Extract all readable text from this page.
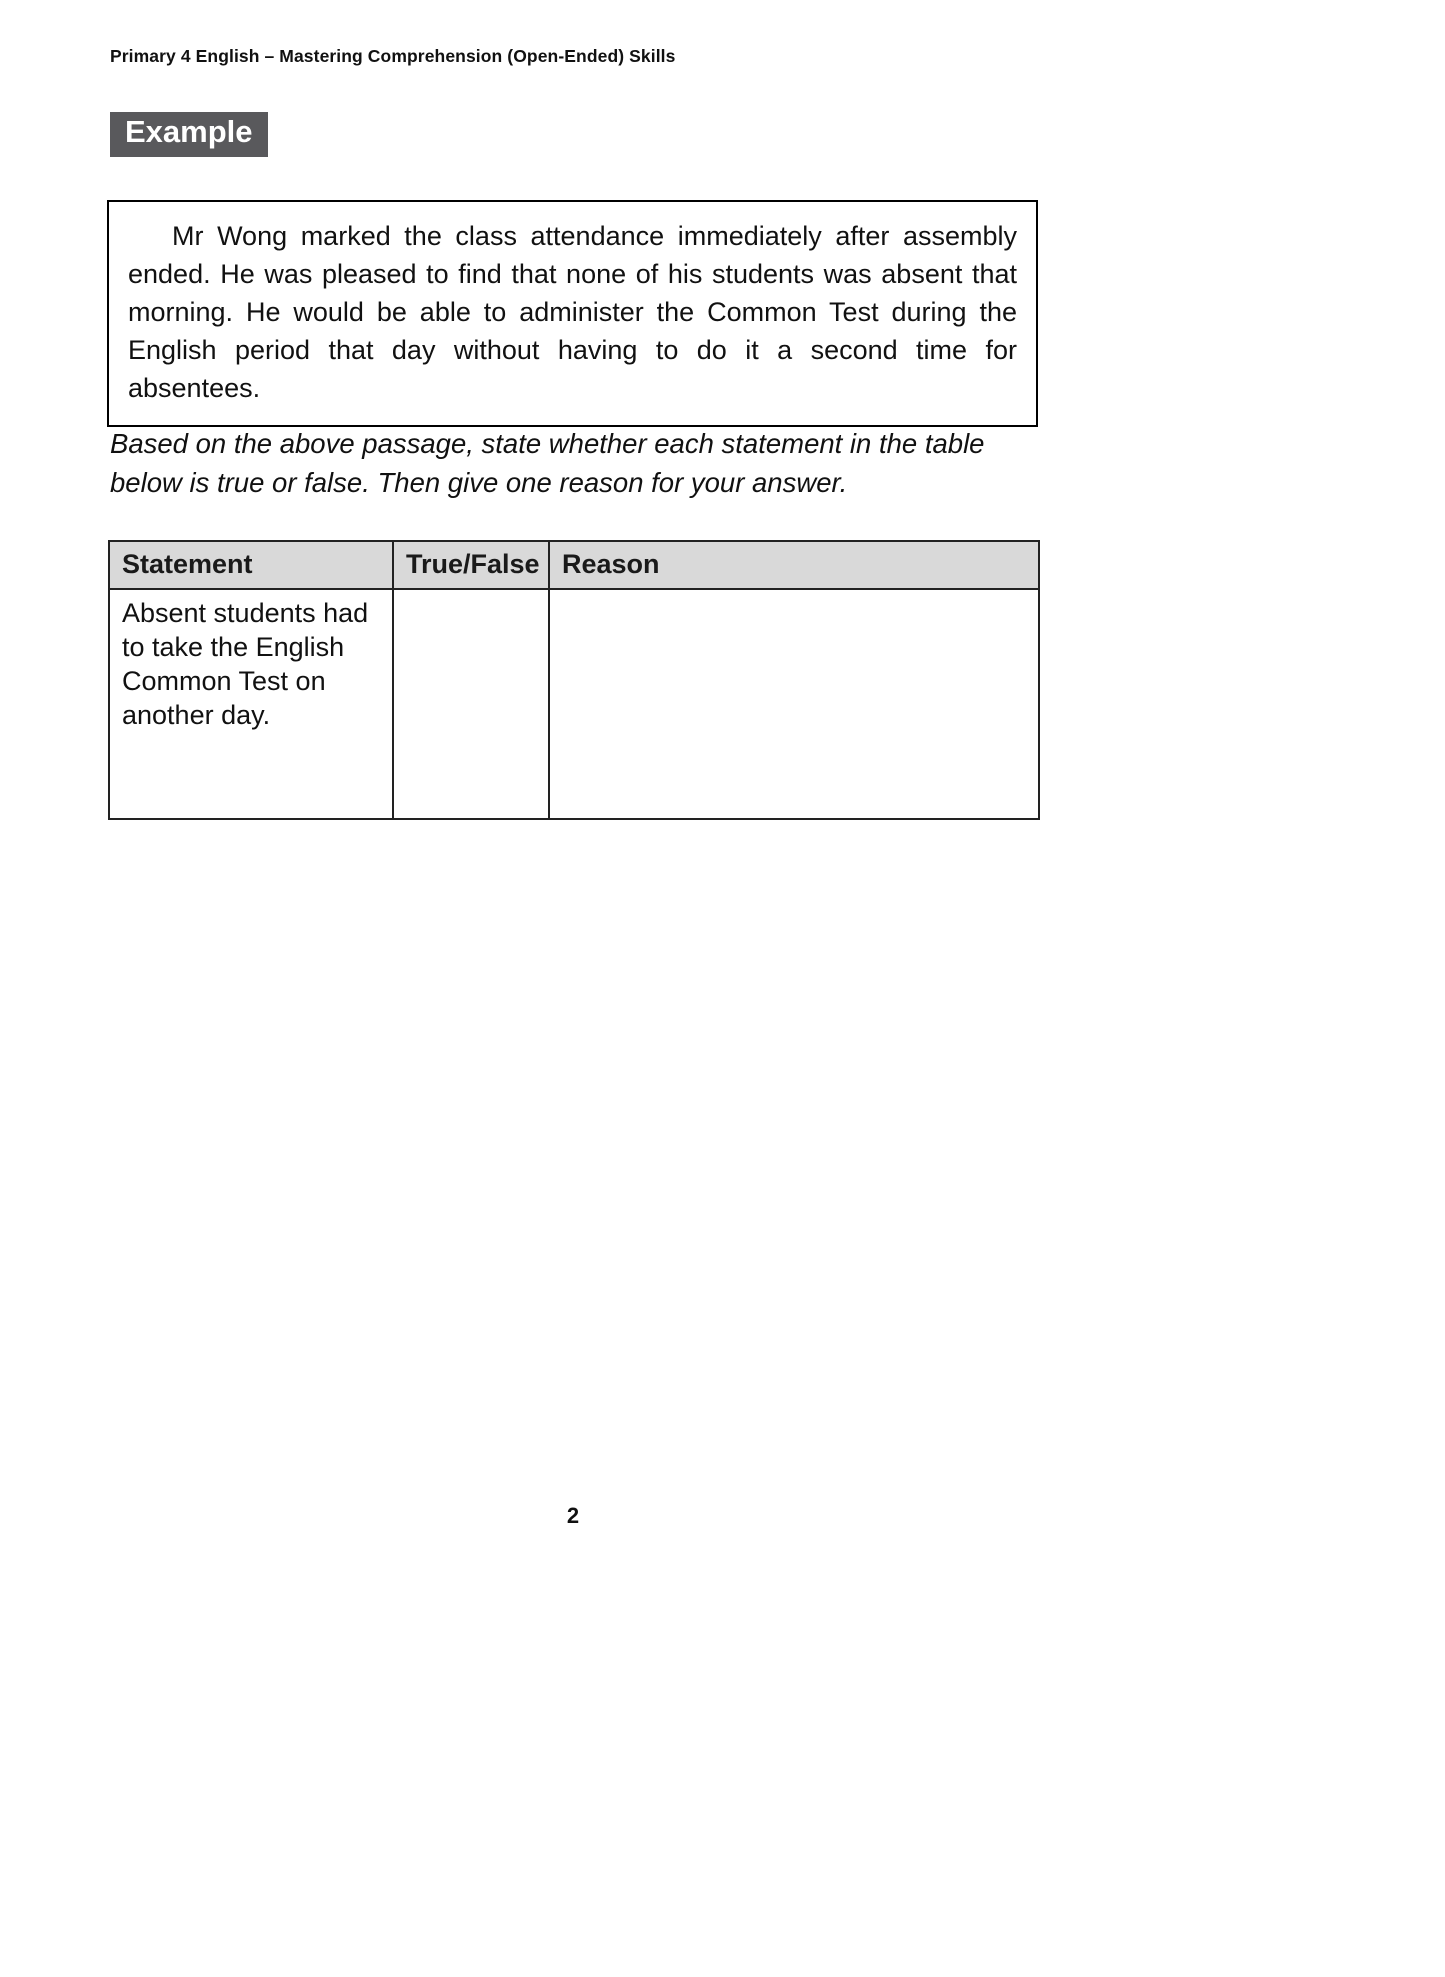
Primary 4 English – Mastering Comprehension (Open-Ended) Skills
Example
Mr Wong marked the class attendance immediately after assembly ended. He was pleased to find that none of his students was absent that morning. He would be able to administer the Common Test during the English period that day without having to do it a second time for absentees.
Based on the above passage, state whether each statement in the table below is true or false. Then give one reason for your answer.
Statement	True/False	Reason
Absent students had to take the English Common Test on another day.		
2
